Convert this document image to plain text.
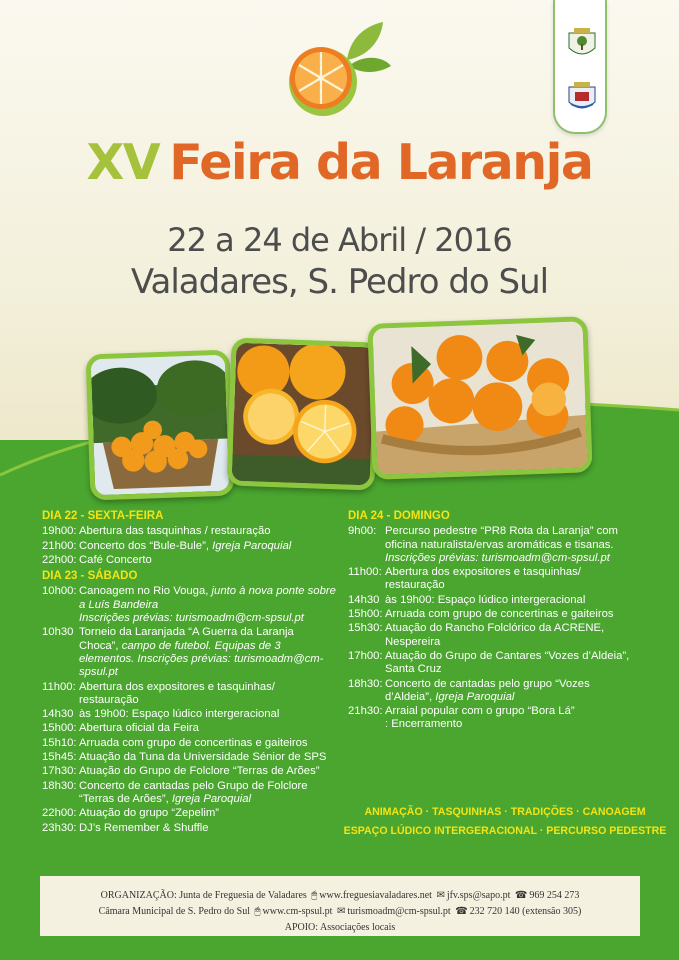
XV Feira da Laranja
22 a 24 de Abril / 2016
Valadares, S. Pedro do Sul
DIA 22 - SEXTA-FEIRA
19h00: Abertura das tasquinhas / restauração
21h00: Concerto dos “Bule-Bule”, Igreja Paroquial
22h00: Café Concerto
DIA 23 - SÁBADO
10h00: Canoagem no Rio Vouga, junto à nova ponte sobre
a Luís Bandeira
Inscrições prévias: turismoadm@cm-spsul.pt
10h30 Torneio da Laranjada “A Guerra da Laranja
Choca”, campo de futebol. Equipas de 3
elementos. Inscrições prévias: turismoadm@cm-
spsul.pt
11h00: Abertura dos expositores e tasquinhas/
restauração
14h30 às 19h00: Espaço lúdico intergeracional
15h00: Abertura oficial da Feira
15h10: Arruada com grupo de concertinas e gaiteiros
15h45: Atuação da Tuna da Universidade Sénior de SPS
17h30: Atuação do Grupo de Folclore “Terras de Arões”
18h30: Concerto de cantadas pelo Grupo de Folclore
“Terras de Arões”, Igreja Paroquial
22h00: Atuação do grupo “Zepelim”
23h30: DJ’s Remember & Shuffle
DIA 24 - DOMINGO
9h00: Percurso pedestre “PR8 Rota da Laranja” com
oficina naturalista/ervas aromáticas e tisanas.
Inscrições prévias: turismoadm@cm-spsul.pt
11h00: Abertura dos expositores e tasquinhas/
restauração
14h30 às 19h00: Espaço lúdico intergeracional
15h00: Arruada com grupo de concertinas e gaiteiros
15h30: Atuação do Rancho Folclórico da ACRENE,
Nespereira
17h00: Atuação do Grupo de Cantares “Vozes d’Aldeia”,
Santa Cruz
18h30: Concerto de cantadas pelo grupo “Vozes
d’Aldeia”, Igreja Paroquial
21h30: Arraial popular com o grupo “Bora Lá”
: Encerramento
ANIMAÇÃO · TASQUINHAS · TRADIÇÕES · CANOAGEM
ESPAÇO LÚDICO INTERGERACIONAL · PERCURSO PEDESTRE
ORGANIZAÇÃO: Junta de Freguesia de Valadares 🖱 www.freguesiavaladares.net ✉ jfv.sps@sapo.pt ☎ 969 254 273
Câmara Municipal de S. Pedro do Sul 🖱 www.cm-spsul.pt ✉ turismoadm@cm-spsul.pt ☎ 232 720 140 (extensão 305)
APOIO: Associações locais
